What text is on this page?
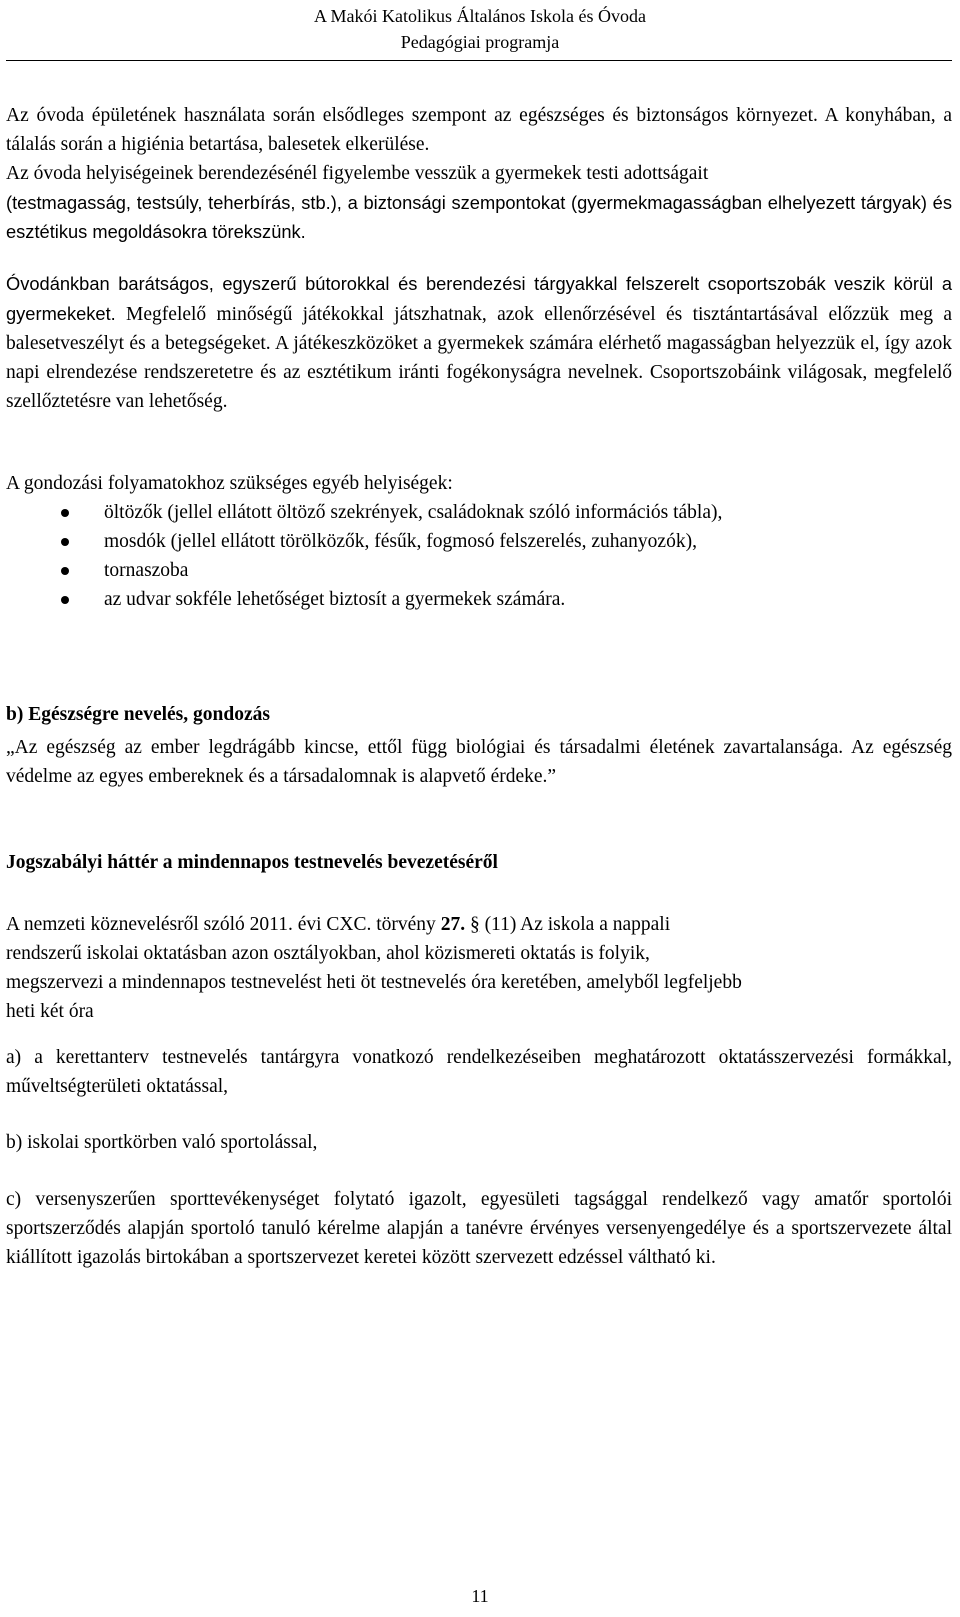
A Makói Katolikus Általános Iskola és Óvoda
Pedagógiai programja

Az óvoda épületének használata során elsődleges szempont az egészséges és biztonságos környezet. A konyhában, a tálalás során a higiénia betartása, balesetek elkerülése.

Az óvoda helyiségeinek berendezésénél figyelembe vesszük a gyermekek testi adottságait

(testmagasság, testsúly, teherbírás, stb.), a biztonsági szempontokat (gyermekmagasságban elhelyezett tárgyak) és esztétikus megoldásokra törekszünk.

Óvodánkban barátságos, egyszerű bútorokkal és berendezési tárgyakkal felszerelt csoportszobák veszik körül a gyermekeket. Megfelelő minőségű játékokkal játszhatnak, azok ellenőrzésével és tisztántartásával előzzük meg a balesetveszélyt és a betegségeket. A játékeszközöket a gyermekek számára elérhető magasságban helyezzük el, így azok napi elrendezése rendszeretetre és az esztétikum iránti fogékonyságra nevelnek. Csoportszobáink világosak, megfelelő szellőztetésre van lehetőség.

A gondozási folyamatokhoz szükséges egyéb helyiségek:

öltözők (jellel ellátott öltöző szekrények, családoknak szóló információs tábla),
mosdók (jellel ellátott törölközők, fésűk, fogmosó felszerelés, zuhanyozók),
tornaszoba
az udvar sokféle lehetőséget biztosít a gyermekek számára.

b) Egészségre nevelés, gondozás

„Az egészség az ember legdrágább kincse, ettől függ biológiai és társadalmi életének zavartalansága. Az egészség védelme az egyes embereknek és a társadalomnak is alapvető érdeke.”

Jogszabályi háttér a mindennapos testnevelés bevezetéséről

A nemzeti köznevelésről szóló 2011. évi CXC. törvény 27. § (11) Az iskola a nappali

rendszerű iskolai oktatásban azon osztályokban, ahol közismereti oktatás is folyik,

megszervezi a mindennapos testnevelést heti öt testnevelés óra keretében, amelyből legfeljebb

heti két óra

a) a kerettanterv testnevelés tantárgyra vonatkozó rendelkezéseiben meghatározott oktatásszervezési formákkal, műveltségterületi oktatással,

b) iskolai sportkörben való sportolással,

c) versenyszerűen sporttevékenységet folytató igazolt, egyesületi tagsággal rendelkező vagy amatőr sportolói sportszerződés alapján sportoló tanuló kérelme alapján a tanévre érvényes versenyengedélye és a sportszervezete által kiállított igazolás birtokában a sportszervezet keretei között szervezett edzéssel váltható ki.

11
